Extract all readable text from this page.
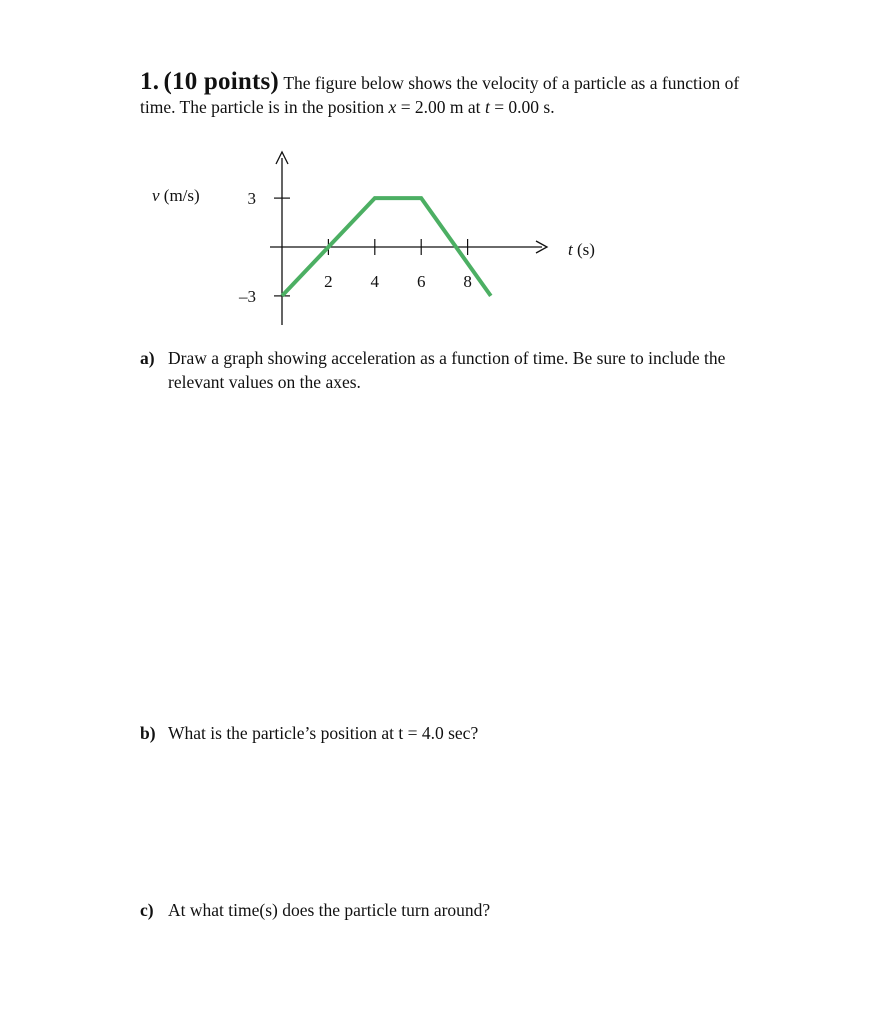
1. (10 points) The figure below shows the velocity of a particle as a function of
time. The particle is in the position x = 2.00 m at t = 0.00 s.
v (m/s)
t (s)
3
–3
2 4 6 8
a) Draw a graph showing acceleration as a function of time. Be sure to include the
relevant values on the axes.
b) What is the particle’s position at t = 4.0 sec?
c) At what time(s) does the particle turn around?
